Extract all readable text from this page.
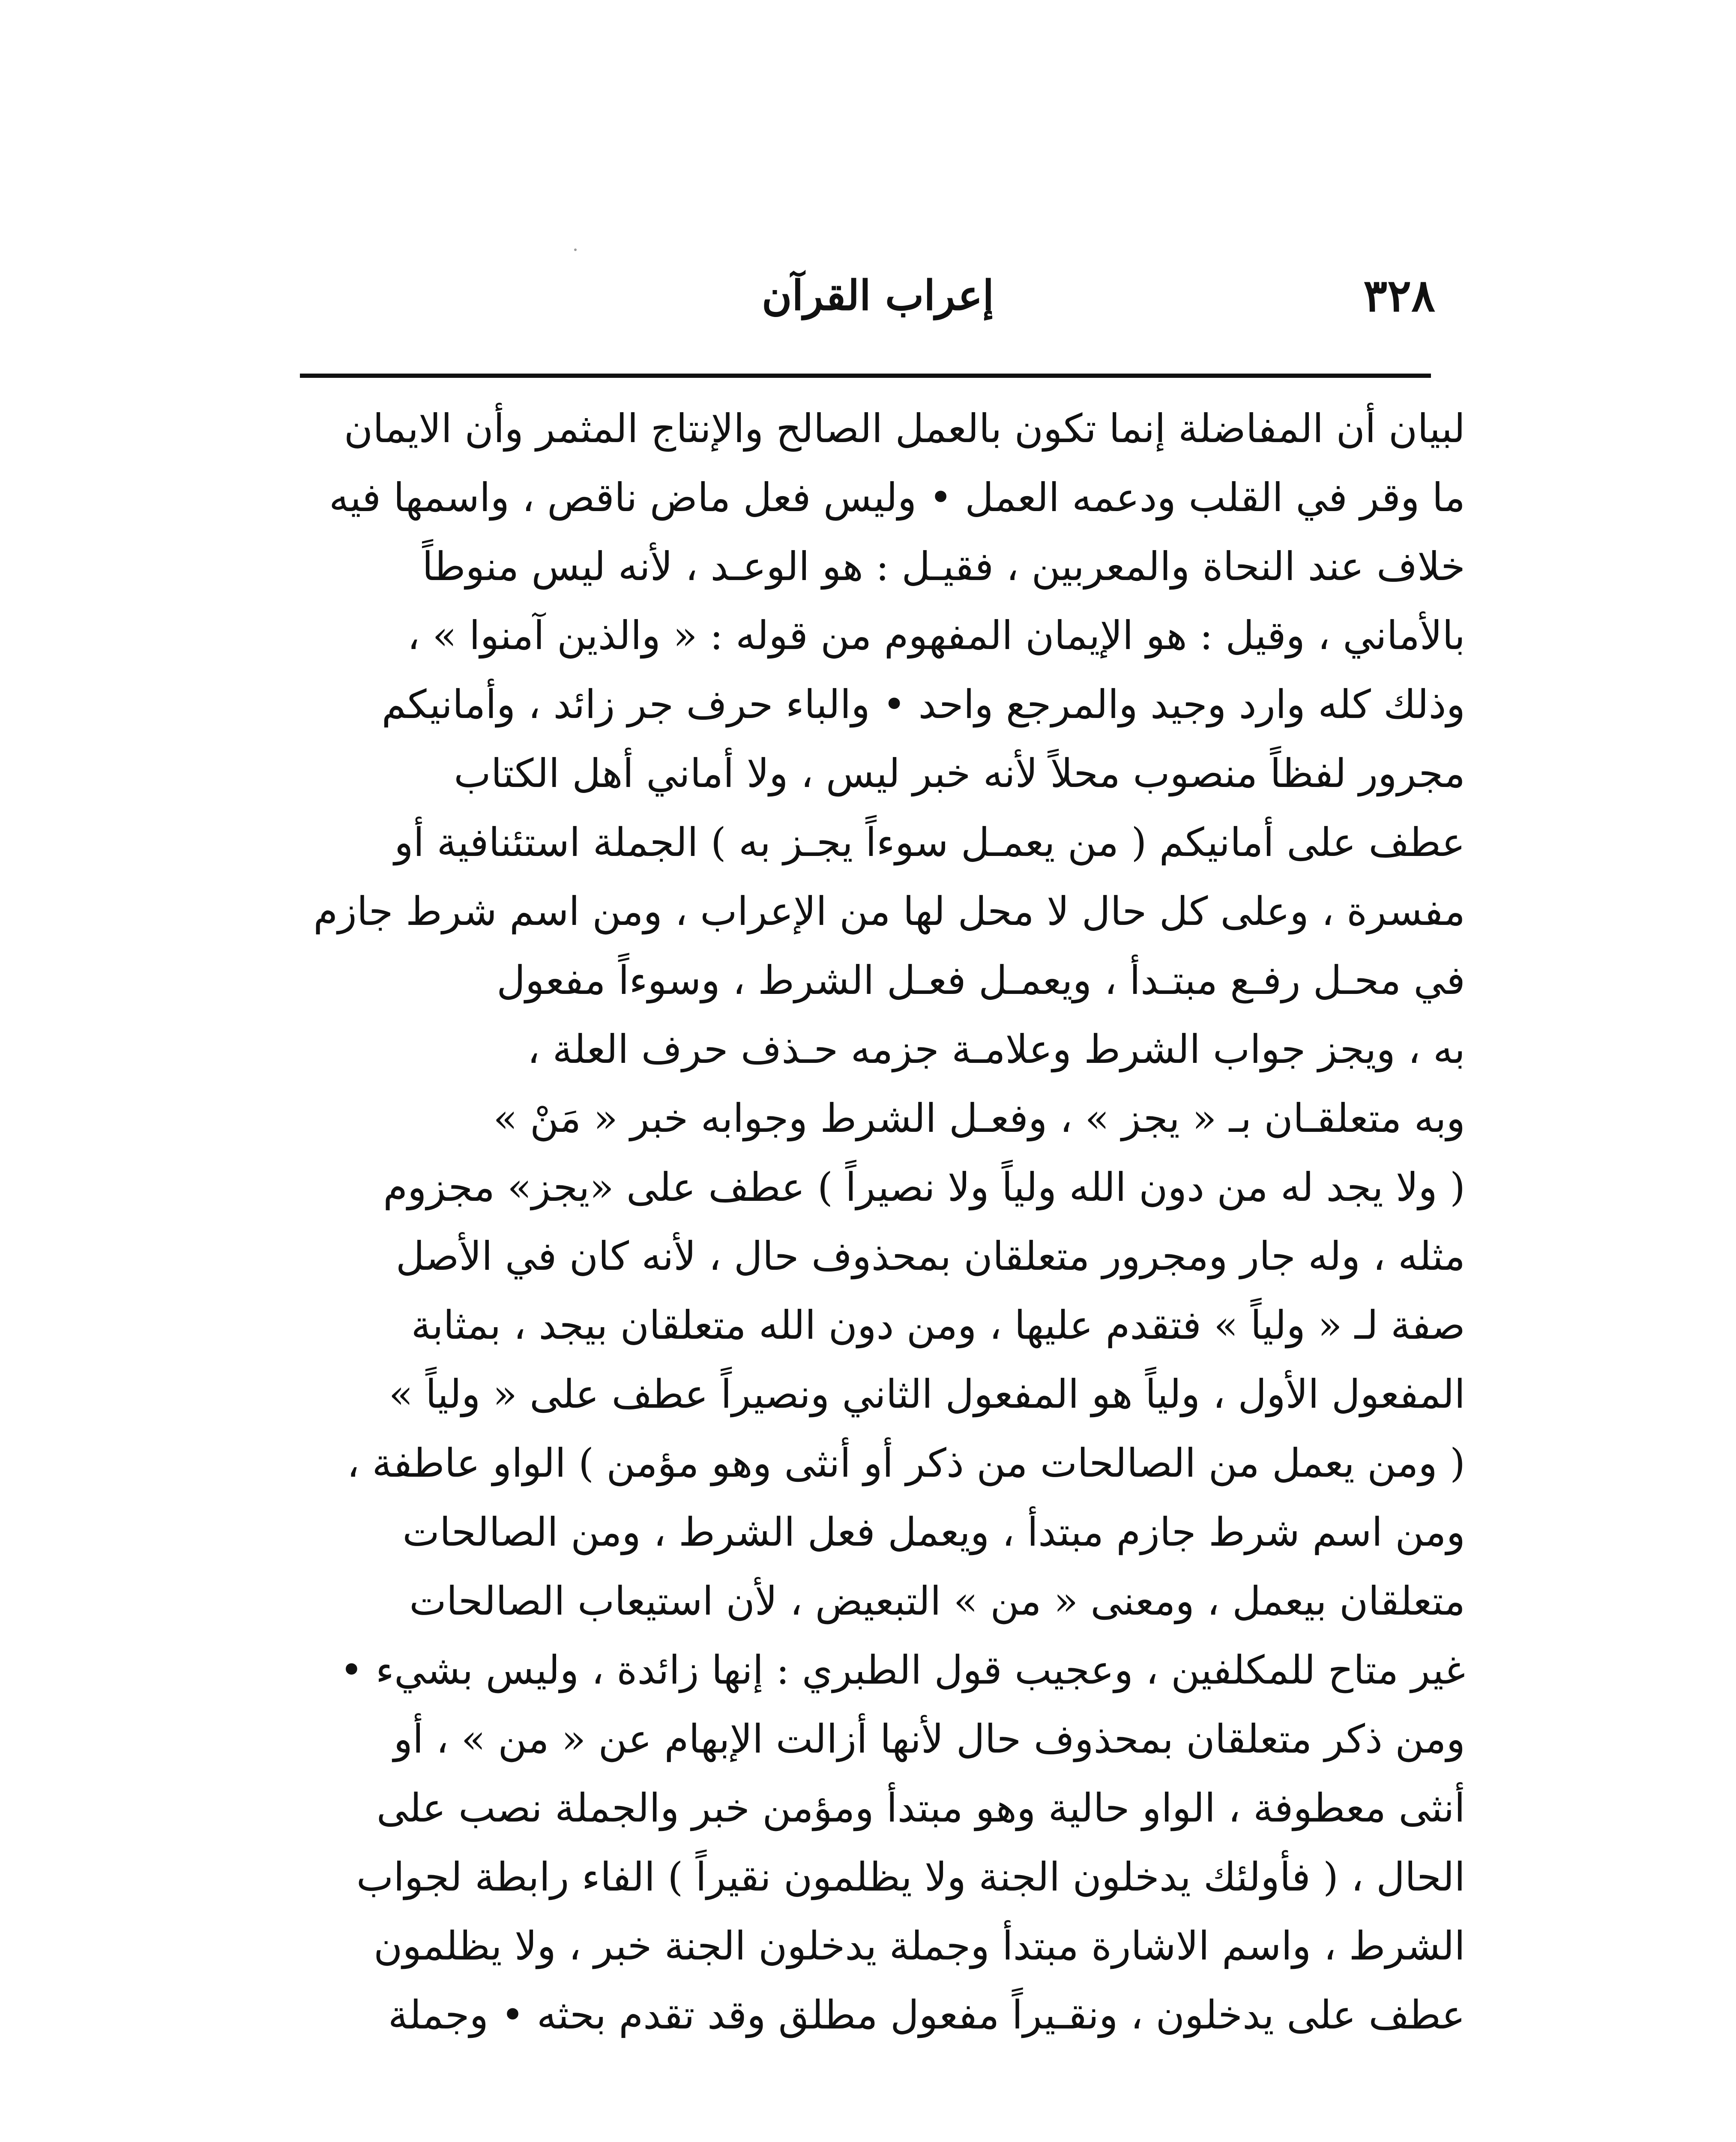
٣٢٨
إعراب القرآن
لبيان أن المفاضلة إنما تكون بالعمل الصالح والإنتاج المثمر وأن الايمان
ما وقر في القلب ودعمه العمل • وليس فعل ماض ناقص ، واسمها فيه
خلاف عند النحاة والمعربين ، فقيـل : هو الوعـد ، لأنه ليس منوطاً
بالأماني ، وقيل : هو الإيمان المفهوم من قوله : « والذين آمنوا » ،
وذلك كله وارد وجيد والمرجع واحد • والباء حرف جر زائد ، وأمانيكم
مجرور لفظاً منصوب محلاً لأنه خبر ليس ، ولا أماني أهل الكتاب
عطف على أمانيكم ( من يعمـل سوءاً يجـز به ) الجملة استئنافية أو
مفسرة ، وعلى كل حال لا محل لها من الإعراب ، ومن اسم شرط جازم
في محـل رفـع مبتـدأ ، ويعمـل فعـل الشرط ، وسوءاً مفعول
به ، ويجز جواب الشرط وعلامـة جزمه حـذف حرف العلة ،
وبه متعلقـان بـ « يجز » ، وفعـل الشرط وجوابه خبر « مَنْ »
( ولا يجد له من دون الله ولياً ولا نصيراً ) عطف على «يجز» مجزوم
مثله ، وله جار ومجرور متعلقان بمحذوف حال ، لأنه كان في الأصل
صفة لـ « ولياً » فتقدم عليها ، ومن دون الله متعلقان بيجد ، بمثابة
المفعول الأول ، ولياً هو المفعول الثاني ونصيراً عطف على « ولياً »
( ومن يعمل من الصالحات من ذكر أو أنثى وهو مؤمن ) الواو عاطفة ،
ومن اسم شرط جازم مبتدأ ، ويعمل فعل الشرط ، ومن الصالحات
متعلقان بيعمل ، ومعنى « من » التبعيض ، لأن استيعاب الصالحات
غير متاح للمكلفين ، وعجيب قول الطبري : إنها زائدة ، وليس بشيء •
ومن ذكر متعلقان بمحذوف حال لأنها أزالت الإبهام عن « من » ، أو
أنثى معطوفة ، الواو حالية وهو مبتدأ ومؤمن خبر والجملة نصب على
الحال ، ( فأولئك يدخلون الجنة ولا يظلمون نقيراً ) الفاء رابطة لجواب
الشرط ، واسم الاشارة مبتدأ وجملة يدخلون الجنة خبر ، ولا يظلمون
عطف على يدخلون ، ونقـيراً مفعول مطلق وقد تقدم بحثه • وجملة
